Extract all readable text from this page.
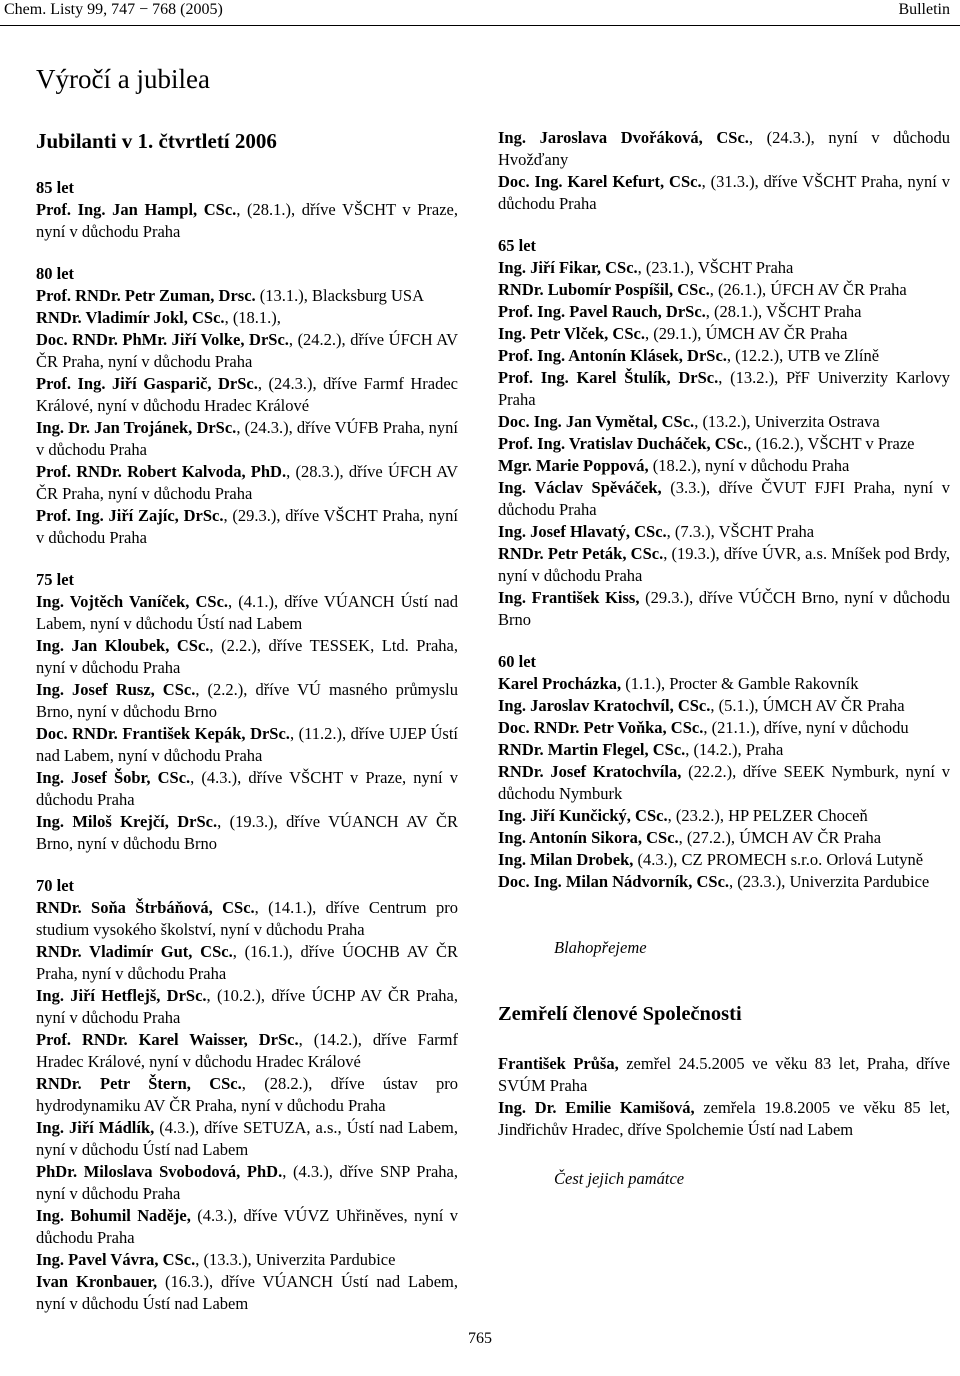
Chem. Listy 99, 747 − 768 (2005)	Bulletin
Výročí a jubilea
Jubilanti v 1. čtvrtletí 2006

85 let

Prof. Ing. Jan Hampl, CSc., (28.1.), dříve VŠCHT v Praze, nyní v důchodu Praha

80 let

Prof. RNDr. Petr Zuman, Drsc. (13.1.), Blacksburg USA

RNDr. Vladimír Jokl, CSc., (18.1.),

Doc. RNDr. PhMr. Jiří Volke, DrSc., (24.2.), dříve ÚFCH AV ČR Praha, nyní v důchodu Praha

Prof. Ing. Jiří Gasparič, DrSc., (24.3.), dříve Farmf Hradec Králové, nyní v důchodu Hradec Králové

Ing. Dr. Jan Trojánek, DrSc., (24.3.), dříve VÚFB Praha, nyní v důchodu Praha

Prof. RNDr. Robert Kalvoda, PhD., (28.3.), dříve ÚFCH AV ČR Praha, nyní v důchodu Praha

Prof. Ing. Jiří Zajíc, DrSc., (29.3.), dříve VŠCHT Praha, nyní v důchodu Praha

75 let

Ing. Vojtěch Vaníček, CSc., (4.1.), dříve VÚANCH Ústí nad Labem, nyní v důchodu Ústí nad Labem

Ing. Jan Kloubek, CSc., (2.2.), dříve TESSEK, Ltd. Praha, nyní v důchodu Praha

Ing. Josef Rusz, CSc., (2.2.), dříve VÚ masného průmyslu Brno, nyní v důchodu Brno

Doc. RNDr. František Kepák, DrSc., (11.2.), dříve UJEP Ústí nad Labem, nyní v důchodu Praha

Ing. Josef Šobr, CSc., (4.3.), dříve VŠCHT v Praze, nyní v důchodu Praha

Ing. Miloš Krejčí, DrSc., (19.3.), dříve VÚANCH AV ČR Brno, nyní v důchodu Brno

70 let

RNDr. Soňa Štrbáňová, CSc., (14.1.), dříve Centrum pro studium vysokého školství, nyní v důchodu Praha

RNDr. Vladimír Gut, CSc., (16.1.), dříve ÚOCHB AV ČR Praha, nyní v důchodu Praha

Ing. Jiří Hetflejš, DrSc., (10.2.), dříve ÚCHP AV ČR Praha, nyní v důchodu Praha

Prof. RNDr. Karel Waisser, DrSc., (14.2.), dříve Farmf Hradec Králové, nyní v důchodu Hradec Králové

RNDr. Petr Štern, CSc., (28.2.), dříve ústav pro hydrodynamiku AV ČR Praha, nyní v důchodu Praha

Ing. Jiří Mádlík, (4.3.), dříve SETUZA, a.s., Ústí nad Labem, nyní v důchodu Ústí nad Labem

PhDr. Miloslava Svobodová, PhD., (4.3.), dříve SNP Praha, nyní v důchodu Praha

Ing. Bohumil Naděje, (4.3.), dříve VÚVZ Uhřiněves, nyní v důchodu Praha

Ing. Pavel Vávra, CSc., (13.3.), Univerzita Pardubice

Ivan Kronbauer, (16.3.), dříve VÚANCH Ústí nad Labem, nyní v důchodu Ústí nad Labem

Ing. Jaroslava Dvořáková, CSc., (24.3.), nyní v důchodu Hvožďany

Doc. Ing. Karel Kefurt, CSc., (31.3.), dříve VŠCHT Praha, nyní v důchodu Praha

65 let

Ing. Jiří Fikar, CSc., (23.1.), VŠCHT Praha

RNDr. Lubomír Pospíšil, CSc., (26.1.), ÚFCH AV ČR Praha

Prof. Ing. Pavel Rauch, DrSc., (28.1.), VŠCHT Praha

Ing. Petr Vlček, CSc., (29.1.), ÚMCH AV ČR Praha

Prof. Ing. Antonín Klásek, DrSc., (12.2.), UTB ve Zlíně

Prof. Ing. Karel Štulík, DrSc., (13.2.), PřF Univerzity Karlovy Praha

Doc. Ing. Jan Vymětal, CSc., (13.2.), Univerzita Ostrava

Prof. Ing. Vratislav Ducháček, CSc., (16.2.), VŠCHT v Praze

Mgr. Marie Poppová, (18.2.), nyní v důchodu Praha

Ing. Václav Spěváček, (3.3.), dříve ČVUT FJFI Praha, nyní v důchodu Praha

Ing. Josef Hlavatý, CSc., (7.3.), VŠCHT Praha

RNDr. Petr Peták, CSc., (19.3.), dříve ÚVR, a.s. Mníšek pod Brdy, nyní v důchodu Praha

Ing. František Kiss, (29.3.), dříve VÚČCH Brno, nyní v důchodu Brno

60 let

Karel Procházka, (1.1.), Procter & Gamble Rakovník

Ing. Jaroslav Kratochvíl, CSc., (5.1.), ÚMCH AV ČR Praha

Doc. RNDr. Petr Voňka, CSc., (21.1.), dříve, nyní v důchodu

RNDr. Martin Flegel, CSc., (14.2.), Praha

RNDr. Josef Kratochvíla, (22.2.), dříve SEEK Nymburk, nyní v důchodu Nymburk

Ing. Jiří Kunčický, CSc., (23.2.), HP PELZER Choceň

Ing. Antonín Sikora, CSc., (27.2.), ÚMCH AV ČR Praha

Ing. Milan Drobek, (4.3.), CZ PROMECH s.r.o. Orlová Lutyně

Doc. Ing. Milan Nádvorník, CSc., (23.3.), Univerzita Pardubice

Blahopřejeme

Zemřelí členové Společnosti

František Průša, zemřel 24.5.2005 ve věku 83 let, Praha, dříve SVÚM Praha

Ing. Dr. Emilie Kamišová, zemřela 19.8.2005 ve věku 85 let, Jindřichův Hradec, dříve Spolchemie Ústí nad Labem

Čest jejich památce

765
